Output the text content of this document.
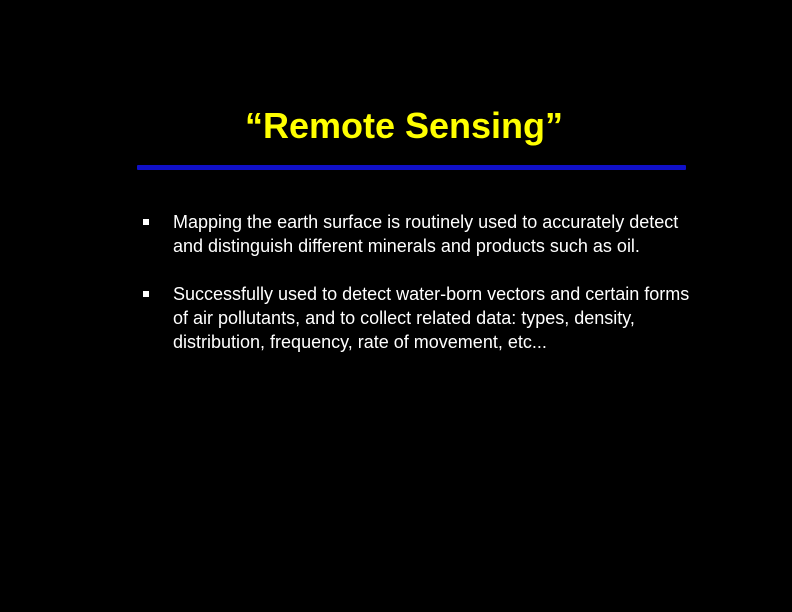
“Remote Sensing”
Mapping the earth surface is routinely used to accurately detect and distinguish different minerals and products such as oil.
Successfully used to detect water-born vectors and certain forms of air pollutants, and to collect related data: types, density, distribution, frequency, rate of movement, etc...
